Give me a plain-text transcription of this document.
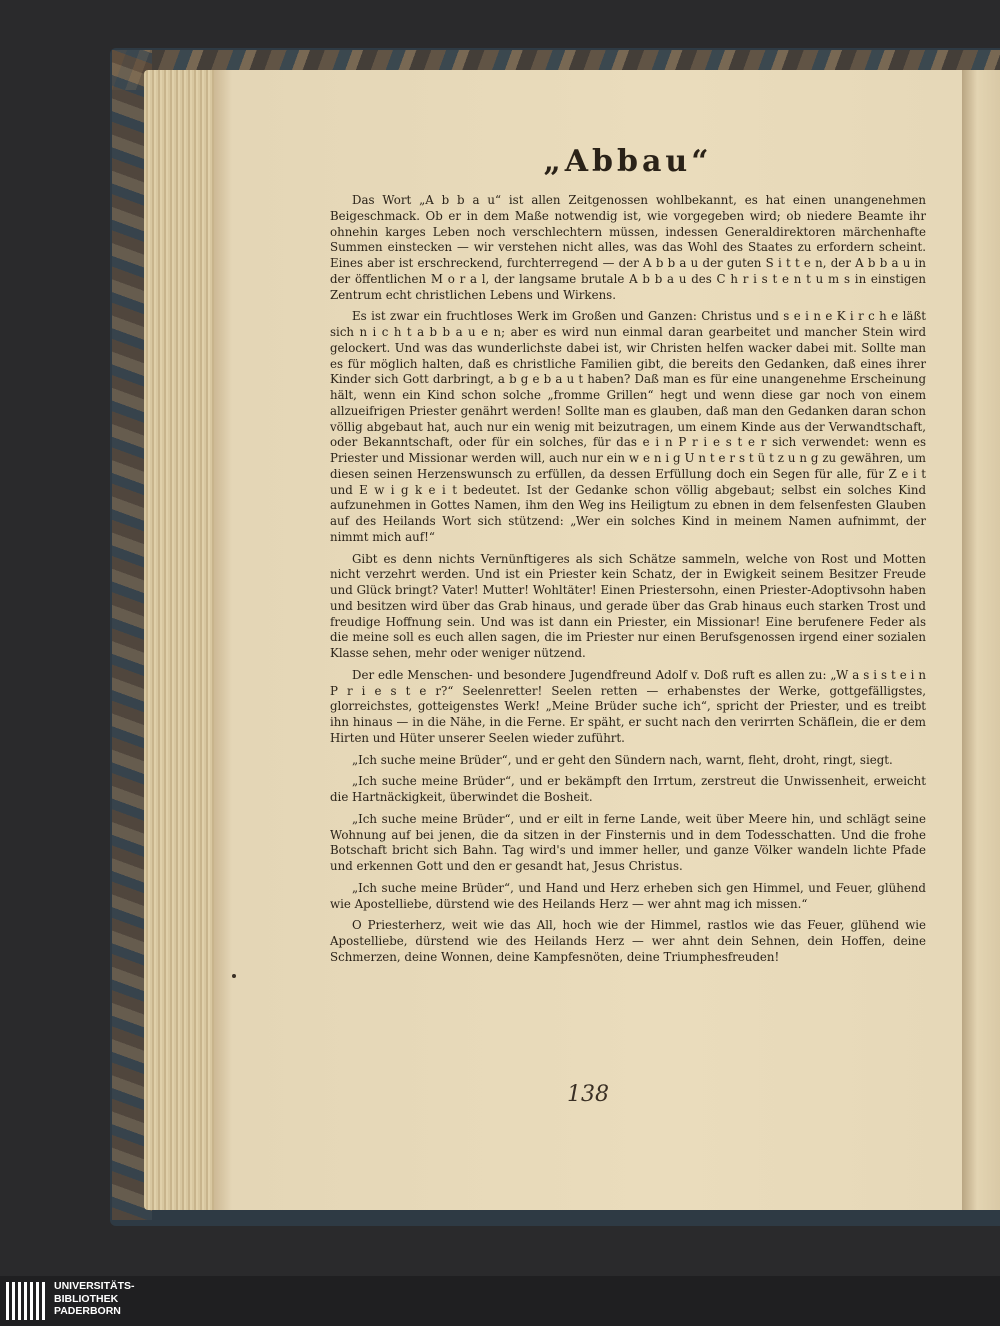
„Abbau“

Das Wort „A b b a u“ ist allen Zeitgenossen wohlbekannt, es hat einen unangenehmen Beigeschmack. Ob er in dem Maße notwendig ist, wie vorgegeben wird; ob niedere Beamte ihr ohnehin karges Leben noch verschlechtern müssen, indessen Generaldirektoren märchenhafte Summen einstecken — wir verstehen nicht alles, was das Wohl des Staates zu erfordern scheint. Eines aber ist erschreckend, furchterregend — der A b b a u der guten S i t t e n, der A b b a u in der öffentlichen M o r a l, der langsame brutale A b b a u des C h r i s t e n t u m s in einstigen Zentrum echt christlichen Lebens und Wirkens.

Es ist zwar ein fruchtloses Werk im Großen und Ganzen: Christus und s e i n e K i r c h e läßt sich n i c h t a b b a u e n; aber es wird nun einmal daran gearbeitet und mancher Stein wird gelockert. Und was das wunderlichste dabei ist, wir Christen helfen wacker dabei mit. Sollte man es für möglich halten, daß es christliche Familien gibt, die bereits den Gedanken, daß eines ihrer Kinder sich Gott darbringt, a b g e b a u t haben? Daß man es für eine unangenehme Erscheinung hält, wenn ein Kind schon solche „fromme Grillen“ hegt und wenn diese gar noch von einem allzueifrigen Priester genährt werden! Sollte man es glauben, daß man den Gedanken daran schon völlig abgebaut hat, auch nur ein wenig mit beizutragen, um einem Kinde aus der Verwandtschaft, oder Bekanntschaft, oder für ein solches, für das e i n P r i e s t e r sich verwendet: wenn es Priester und Missionar werden will, auch nur ein w e n i g U n t e r s t ü t z u n g zu gewähren, um diesen seinen Herzenswunsch zu erfüllen, da dessen Erfüllung doch ein Segen für alle, für Z e i t und E w i g k e i t bedeutet. Ist der Gedanke schon völlig abgebaut; selbst ein solches Kind aufzunehmen in Gottes Namen, ihm den Weg ins Heiligtum zu ebnen in dem felsenfesten Glauben auf des Heilands Wort sich stützend: „Wer ein solches Kind in meinem Namen aufnimmt, der nimmt mich auf!“

Gibt es denn nichts Vernünftigeres als sich Schätze sammeln, welche von Rost und Motten nicht verzehrt werden. Und ist ein Priester kein Schatz, der in Ewigkeit seinem Besitzer Freude und Glück bringt? Vater! Mutter! Wohltäter! Einen Priestersohn, einen Priester-Adoptivsohn haben und besitzen wird über das Grab hinaus, und gerade über das Grab hinaus euch starken Trost und freudige Hoffnung sein. Und was ist dann ein Priester, ein Missionar! Eine berufenere Feder als die meine soll es euch allen sagen, die im Priester nur einen Berufsgenossen irgend einer sozialen Klasse sehen, mehr oder weniger nützend.

Der edle Menschen- und besondere Jugendfreund Adolf v. Doß ruft es allen zu: „W a s i s t e i n P r i e s t e r?“ Seelenretter! Seelen retten — erhabenstes der Werke, gottgefälligstes, glorreichstes, gotteigenstes Werk! „Meine Brüder suche ich“, spricht der Priester, und es treibt ihn hinaus — in die Nähe, in die Ferne. Er späht, er sucht nach den verirrten Schäflein, die er dem Hirten und Hüter unserer Seelen wieder zuführt.

„Ich suche meine Brüder“, und er geht den Sündern nach, warnt, fleht, droht, ringt, siegt.

„Ich suche meine Brüder“, und er bekämpft den Irrtum, zerstreut die Unwissenheit, erweicht die Hartnäckigkeit, überwindet die Bosheit.

„Ich suche meine Brüder“, und er eilt in ferne Lande, weit über Meere hin, und schlägt seine Wohnung auf bei jenen, die da sitzen in der Finsternis und in dem Todesschatten. Und die frohe Botschaft bricht sich Bahn. Tag wird's und immer heller, und ganze Völker wandeln lichte Pfade und erkennen Gott und den er gesandt hat, Jesus Christus.

„Ich suche meine Brüder“, und Hand und Herz erheben sich gen Himmel, und Feuer, glühend wie Apostelliebe, dürstend wie des Heilands Herz — wer ahnt mag ich missen.“

O Priesterherz, weit wie das All, hoch wie der Himmel, rastlos wie das Feuer, glühend wie Apostelliebe, dürstend wie des Heilands Herz — wer ahnt dein Sehnen, dein Hoffen, deine Schmerzen, deine Wonnen, deine Kampfesnöten, deine Triumphesfreuden!

138
UNIVERSITÄTS-
BIBLIOTHEK
PADERBORN
